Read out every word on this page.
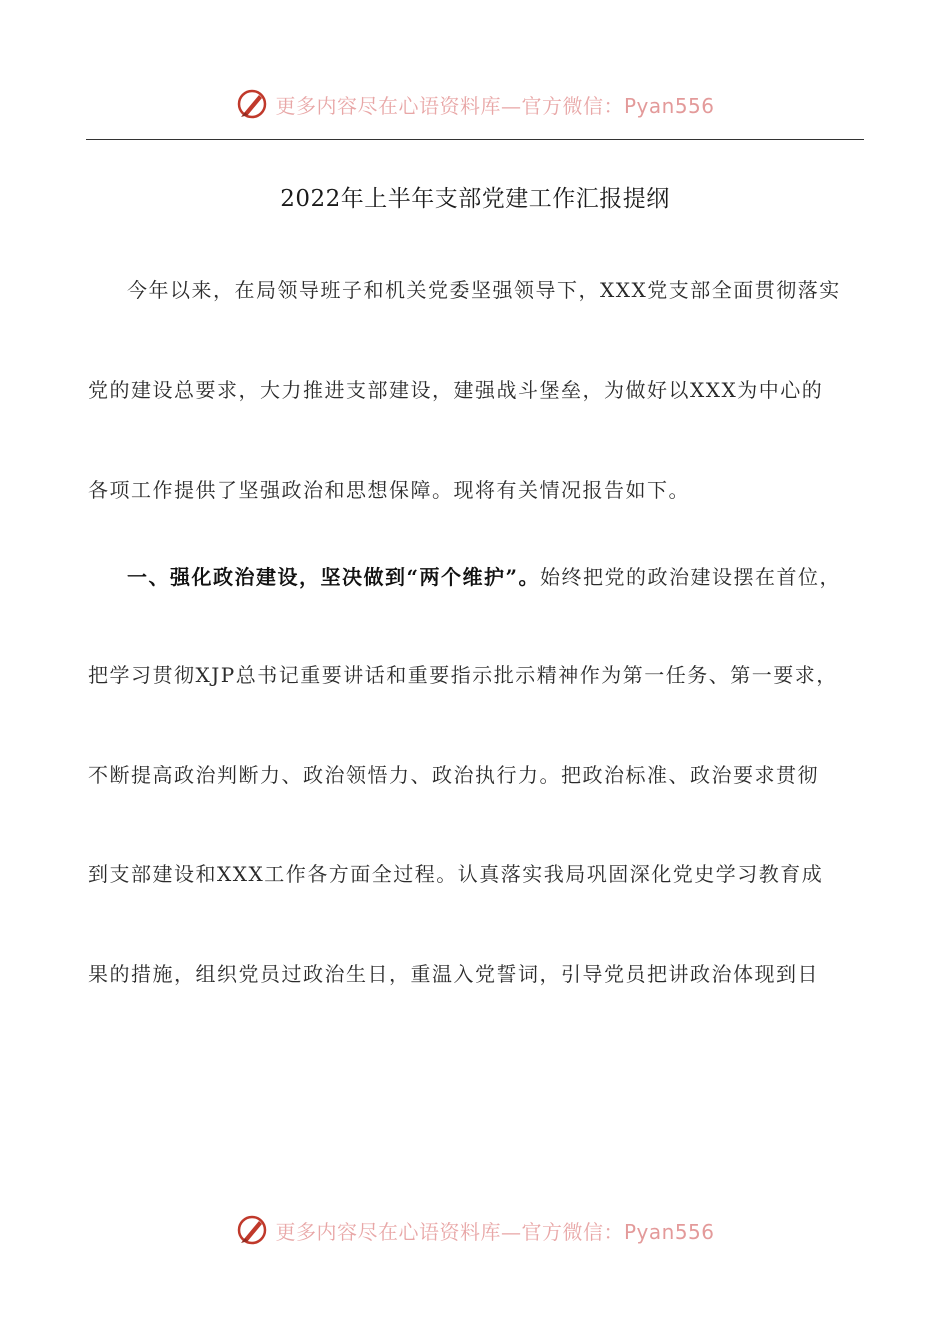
更多内容尽在心语资料库—官方微信：Pyan556
2022年上半年支部党建工作汇报提纲
今年以来，在局领导班子和机关党委坚强领导下，XXX党支部全面贯彻落实
党的建设总要求，大力推进支部建设，建强战斗堡垒，为做好以XXX为中心的
各项工作提供了坚强政治和思想保障。现将有关情况报告如下。
一、强化政治建设，坚决做到“两个维护”。始终把党的政治建设摆在首位，
把学习贯彻XJP总书记重要讲话和重要指示批示精神作为第一任务、第一要求，
不断提高政治判断力、政治领悟力、政治执行力。把政治标准、政治要求贯彻
到支部建设和XXX工作各方面全过程。认真落实我局巩固深化党史学习教育成
果的措施，组织党员过政治生日，重温入党誓词，引导党员把讲政治体现到日
更多内容尽在心语资料库—官方微信：Pyan556
